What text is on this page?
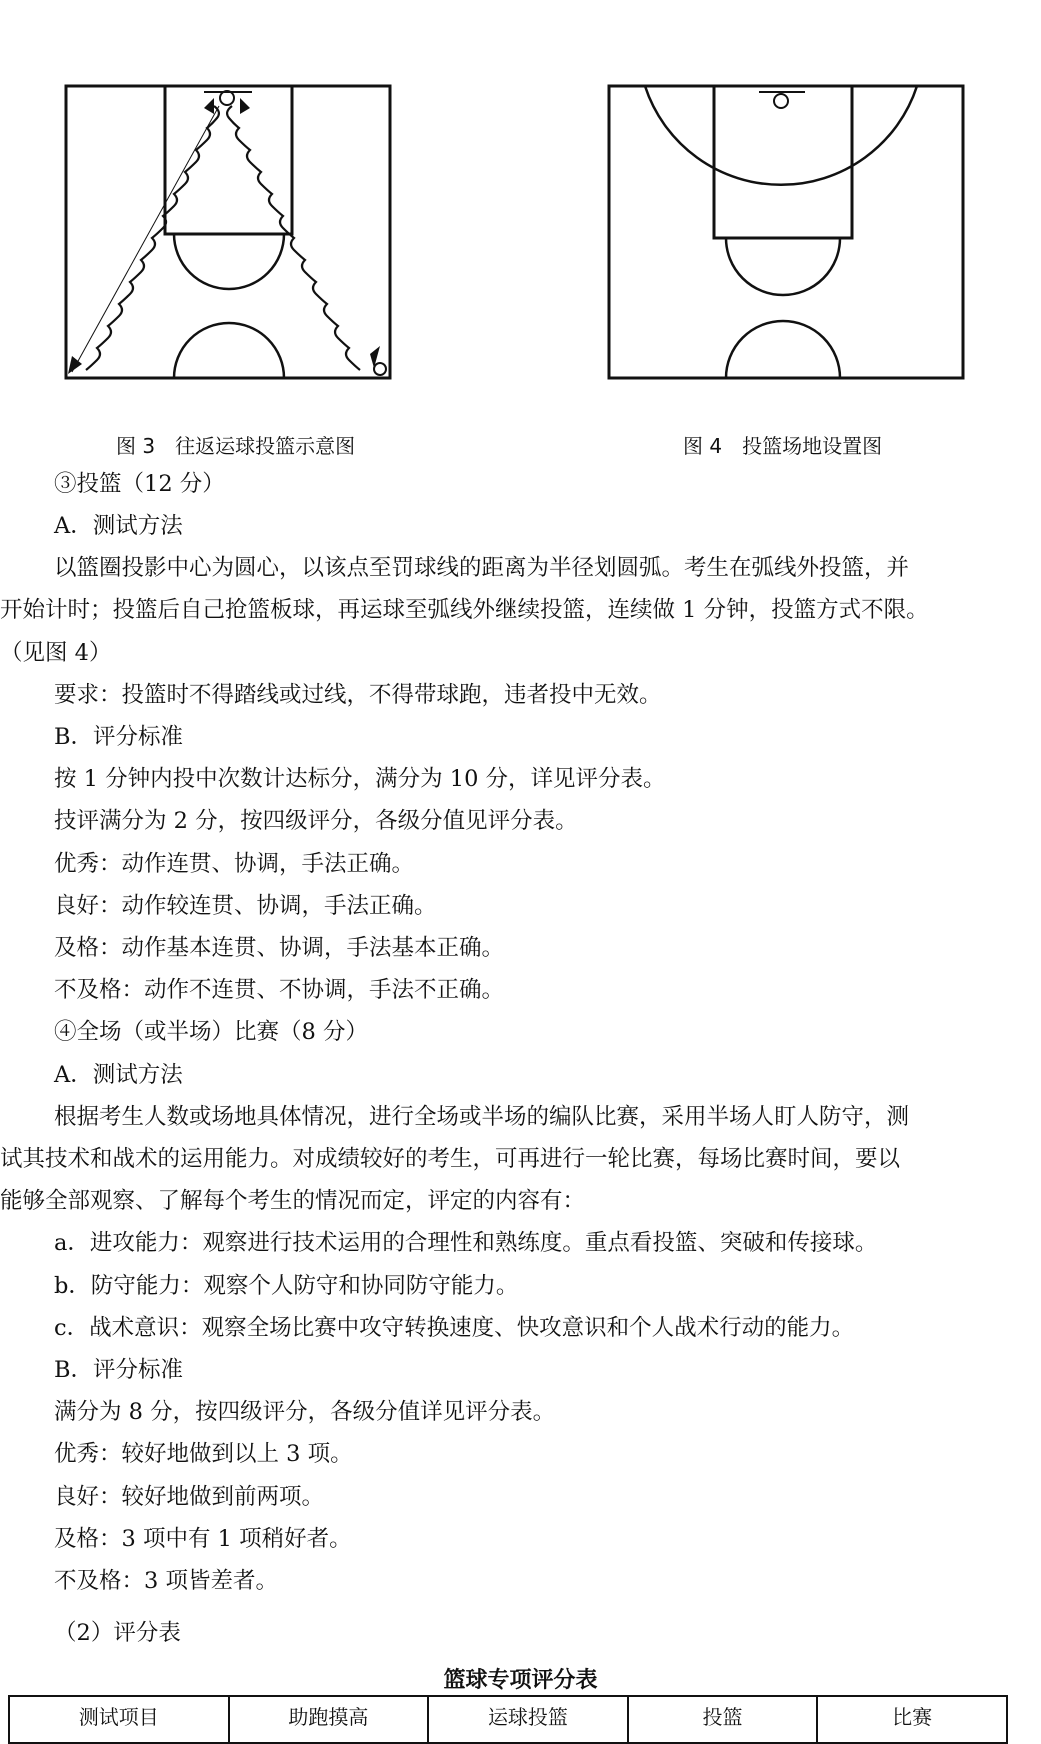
图 3　往返运球投篮示意图	图 4　投篮场地设置图
③投篮（12 分）
A．测试方法
以篮圈投影中心为圆心，以该点至罚球线的距离为半径划圆弧。考生在弧线外投篮，并
开始计时；投篮后自己抢篮板球，再运球至弧线外继续投篮，连续做 1 分钟，投篮方式不限。
（见图 4）
要求：投篮时不得踏线或过线，不得带球跑，违者投中无效。
B．评分标准
按 1 分钟内投中次数计达标分，满分为 10 分，详见评分表。
技评满分为 2 分，按四级评分，各级分值见评分表。
优秀：动作连贯、协调，手法正确。
良好：动作较连贯、协调，手法正确。
及格：动作基本连贯、协调，手法基本正确。
不及格：动作不连贯、不协调，手法不正确。
④全场（或半场）比赛（8 分）
A．测试方法
根据考生人数或场地具体情况，进行全场或半场的编队比赛，采用半场人盯人防守，测
试其技术和战术的运用能力。对成绩较好的考生，可再进行一轮比赛，每场比赛时间，要以
能够全部观察、了解每个考生的情况而定，评定的内容有：
a．进攻能力：观察进行技术运用的合理性和熟练度。重点看投篮、突破和传接球。
b．防守能力：观察个人防守和协同防守能力。
c．战术意识：观察全场比赛中攻守转换速度、快攻意识和个人战术行动的能力。
B．评分标准
满分为 8 分，按四级评分，各级分值详见评分表。
优秀：较好地做到以上 3 项。
良好：较好地做到前两项。
及格：3 项中有 1 项稍好者。
不及格：3 项皆差者。
（2）评分表
篮球专项评分表
测试项目	助跑摸高	运球投篮	投篮	比赛
